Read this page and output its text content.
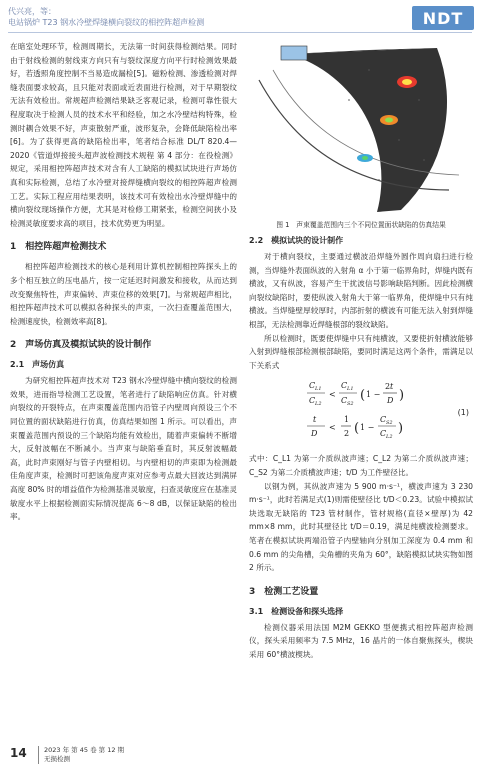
代兴亮，等：
电站锅炉 T23 钢水冷壁焊缝横向裂纹的相控阵超声检测	NDT

在暗室处理环节，检测周期长，无法第一时间获得检测结果。同时由于射线检测的射线束方向只有与裂纹深度方向平行时检测效果最好，若透照角度控制不当易造成漏检[5]。磁粉检测、渗透检测对焊缝表面要求较高，且只能对表面或近表面进行检测，对于早期裂纹无法有效检出。常规超声检测结果缺乏客观记录，检测可靠性很大程度取决于检测人员的技术水平和经验，加之水冷壁结构特殊，检测时耦合效果不好，声束散射严重，波形复杂，会降低缺陷检出率[6]。为了获得更高的缺陷检出率，笔者结合标准 DL/T 820.4—2020《管道焊接接头超声波检测技术规程 第 4 部分：在役检测》规定，采用相控阵超声技术对含有人工缺陷的模拟试块进行声场仿真和实际检测，总结了水冷壁对接焊缝横向裂纹的相控阵超声检测工艺。实际工程应用结果表明，该技术可有效检出水冷壁焊缝中的横向裂纹现场操作方便，尤其是对检修工期紧张，检测空间狭小及检测灵敏度要求高的项目，技术优势更为明显。

1　相控阵超声检测技术

相控阵超声检测技术的核心是利用计算机控制相控阵探头上的多个相互独立的压电晶片，按一定延迟时间激发和接收，从而达到改变聚焦特性，声束偏转、声束位移的效果[7]。与常规超声相比，相控阵超声技术可以模拟各种探头的声束，一次扫查覆盖范围大，检测速度快，检测效率高[8]。

2　声场仿真及模拟试块的设计制作
2.1　声场仿真

为研究相控阵超声技术对 T23 钢水冷壁焊缝中横向裂纹的检测效果，进而指导检测工艺设置，笔者进行了缺陷响应仿真。针对横向裂纹的开裂特点，在声束覆盖范围内沿管子内壁周向预设三个不同位置的面状缺陷进行仿真，仿真结果如图 1 所示。可以看出，声束覆盖范围内预设的三个缺陷均能有效检出，随着声束偏转不断增大，反射波幅在不断减小。当声束与缺陷垂直时，其反射波幅最高，此时声束刚好与管子内壁相切。与内壁相切的声束即为检测最佳角度声束，检测时可把该角度声束对应参考点最大回波达到满屏高度 80% 时的增益值作为检测基准灵敏度，扫查灵敏度应在基准灵敏度水平上根据检测面实际情况提高 6～8 dB，以保证缺陷的检出率。

图 1　声束覆盖范围内三个不同位置面状缺陷的仿真结果
2.2　模拟试块的设计制作

对于横向裂纹，主要通过横波沿焊缝外圆作周向扇扫进行检测，当焊缝外表面纵波的入射角 α 小于第一临界角时，焊缝内既有横波，又有纵波，容易产生干扰波信号影响缺陷判断。因此检测横向裂纹缺陷时，要使纵波入射角大于第一临界角，使焊缝中只有纯横波。当焊缝壁厚较厚时，内部折射的横波有可能无法入射到焊缝根部，无法检测靠近焊缝根部的裂纹缺陷。

所以检测时，既要使焊缝中只有纯横波，又要使折射横波能够入射到焊缝根部检测根部缺陷，要同时满足这两个条件，需满足以下关系式

C L1
C L2
<
C L1
C S2
( 1 −
2 t
D )
t
D
<
1
2 ( 1 −
C S2
C L2
)
(1)

式中：C_L1 为第一介质纵波声速；C_L2 为第二介质纵波声速；C_S2 为第二介质横波声速；t/D 为工件壁径比。

以钢为例，其纵波声速为 5 900 m·s⁻¹，横波声速为 3 230 m·s⁻¹，此时若满足式(1)则需使壁径比 t/D＜0.23。试验中模拟试块选取无缺陷的 T23 管材制作，管材规格(直径×壁厚)为 42 mm×8 mm，此时其壁径比 t/D＝0.19，满足纯横波检测要求。笔者在模拟试块两端沿管子内壁轴向分别加工深度为 0.4 mm 和 0.6 mm 的尖角槽，尖角槽的夹角为 60°，缺陷模拟试块实物如图 2 所示。

3　检测工艺设置
3.1　检测设备和探头选择

检测仪器采用法国 M2M GEKKO 型便携式相控阵超声检测仪，探头采用频率为 7.5 MHz，16 晶片的一体自聚焦探头，楔块采用 60°横波楔块。

14	2023 年 第 45 卷 第 12 期
无损检测
